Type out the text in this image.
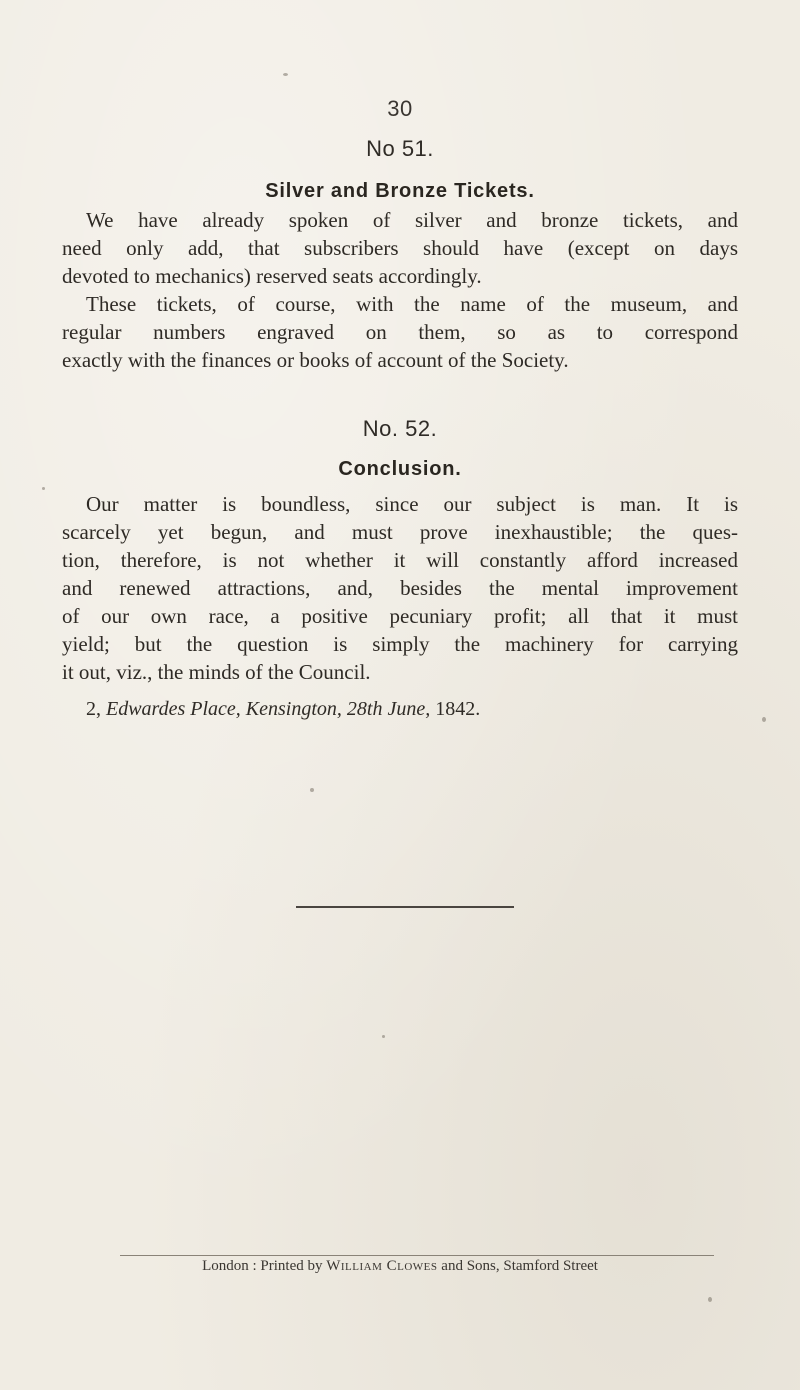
30
No 51.
Silver and Bronze Tickets.
We have already spoken of silver and bronze tickets, and
need only add, that subscribers should have (except on days
devoted to mechanics) reserved seats accordingly.
These tickets, of course, with the name of the museum, and
regular numbers engraved on them, so as to correspond
exactly with the finances or books of account of the Society.
No. 52.
Conclusion.
Our matter is boundless, since our subject is man. It is
scarcely yet begun, and must prove inexhaustible; the ques-
tion, therefore, is not whether it will constantly afford increased
and renewed attractions, and, besides the mental improvement
of our own race, a positive pecuniary profit; all that it must
yield; but the question is simply the machinery for carrying
it out, viz., the minds of the Council.
2, Edwardes Place, Kensington, 28th June, 1842.
London : Printed by William Clowes and Sons, Stamford Street
